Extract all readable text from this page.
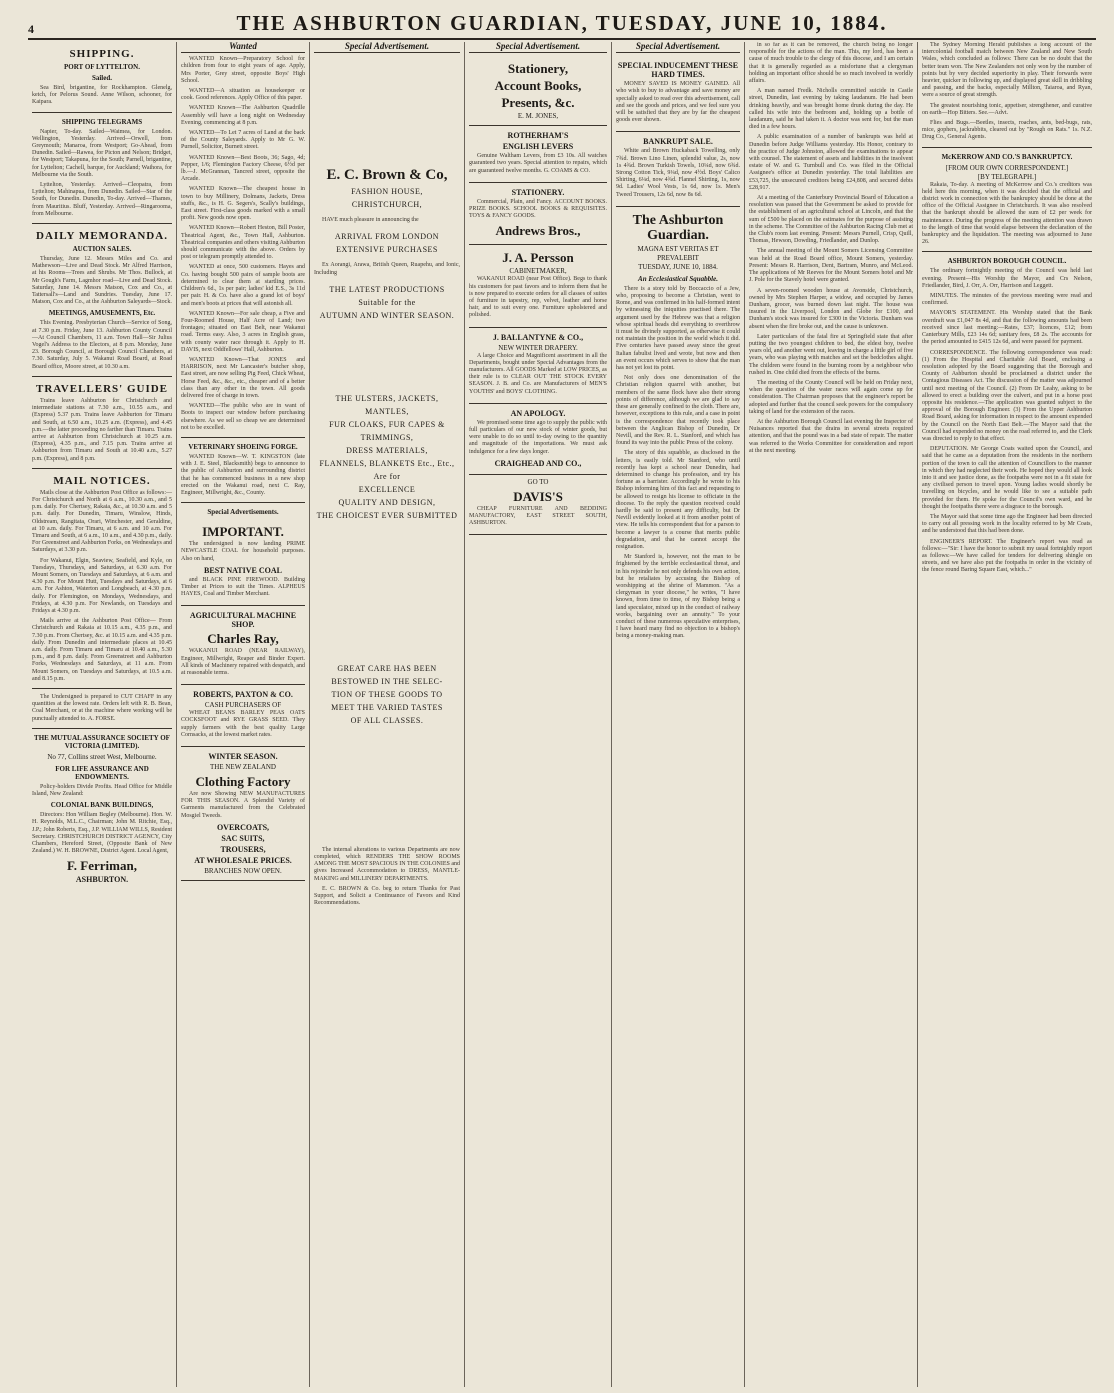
4	THE ASHBURTON GUARDIAN, TUESDAY, JUNE 10, 1884.
SHIPPING.
PORT OF LYTTELTON.
Sailed.

Sea Bird, brigantine, for Rockhampton. Glenelg, ketch, for Pelorus Sound. Anne Wilson, schooner, for Kaipara.

SHIPPING TELEGRAMS

Napier, To-day. Sailed—Waimea, for London. Wellington, Yesterday. Arrived—Orwell, from Greymouth; Manaroa, from Westport; Go-Ahead, from Dunedin. Sailed—Rawea, for Picton and Nelson; Bridget, for Westport; Takapuna, for the South; Parnell, brigantine, for Lyttelton; Cachell, barque, for Auckland; Waihora, for Melbourne via the South.

Lyttelton, Yesterday. Arrived—Cleopatra, from Lyttelton; Mahinapua, from Dunedin. Sailed—Star of the South, for Dunedin. Dunedin, To-day. Arrived—Thames, from Mauritius. Bluff, Yesterday. Arrived—Ringarooma, from Melbourne.

DAILY MEMORANDA.
AUCTION SALES.

Thursday, June 12. Messrs Miles and Co. and Mathewson—Live and Dead Stock. Mr Alfred Harrison, at his Rooms—Trees and Shrubs. Mr Thos. Bullock, at Mr Gough's Farm, Lagmhor road—Live and Dead Stock. Saturday, June 14. Messrs Matson, Cox and Co., at Tattersall's—Land and Sundries. Tuesday, June 17. Matson, Cox and Co., at the Ashburton Saleyards—Stock.

MEETINGS, AMUSEMENTS, Etc.

This Evening. Presbyterian Church—Service of Song, at 7.30 p.m. Friday, June 13. Ashburton County Council—At Council Chambers, 11 a.m. Town Hall—Sir Julius Vogel's Address to the Electors, at 8 p.m. Monday, June 23. Borough Council, at Borough Council Chambers, at 7.30. Saturday, July 5. Wakanui Road Board, at Road Board office, Moore street, at 10.30 a.m.

TRAVELLERS' GUIDE

Trains leave Ashburton for Christchurch and intermediate stations at 7.30 a.m., 10.55 a.m., and (Express) 5.37 p.m. Trains leave Ashburton for Timaru and South, at 6.50 a.m., 10.25 a.m. (Express), and 4.45 p.m.—the latter proceeding no farther than Timaru. Trains arrive at Ashburton from Christchurch at 10.25 a.m. (Express), 4.35 p.m., and 7.15 p.m. Trains arrive at Ashburton from Timaru and South at 10.40 a.m., 5.27 p.m. (Express), and 8 p.m.

MAIL NOTICES.

Mails close at the Ashburton Post Office as follows:— For Christchurch and North at 6 a.m., 10.30 a.m., and 5 p.m. daily. For Chertsey, Rakaia, &c., at 10.30 a.m. and 5 p.m. daily. For Dunedin, Timaru, Winslow, Hinds, Oldstream, Rangitata, Orari, Winchester, and Geraldine, at 10 a.m. daily. For Timaru, at 6 a.m. and 10 a.m. For Timaru and South, at 6 a.m., 10 a.m., and 4.30 p.m., daily. For Greenstreet and Ashburton Forks, on Wednesdays and Saturdays, at 3.30 p.m.

For Wakanui, Elgin, Seaview, Seafield, and Kyle, on Tuesdays, Thursdays, and Saturdays, at 6.30 a.m. For Mount Somers, on Tuesdays and Saturdays, at 6 a.m. and 4.30 p.m. For Mount Hutt, Tuesdays and Saturdays, at 6 a.m. For Ashton, Waterton and Longbeach, at 4.30 p.m. daily. For Flemington, on Mondays, Wednesdays, and Fridays, at 4.30 p.m. For Newlands, on Tuesdays and Fridays at 4.30 p.m.

Mails arrive at the Ashburton Post Office— From Christchurch and Rakaia at 10.15 a.m., 4.35 p.m., and 7.30 p.m. From Chertsey, &c. at 10.15 a.m. and 4.35 p.m. daily. From Dunedin and intermediate places at 10.45 a.m. daily. From Timaru and Timaru at 10.40 a.m., 5.30 p.m., and 8 p.m. daily. From Greenstreet and Ashburton Forks, Wednesdays and Saturdays, at 11 a.m. From Mount Somers, on Tuesdays and Saturdays, at 10.5 a.m. and 8.15 p.m.

The Undersigned is prepared to CUT CHAFF in any quantities at the lowest rate. Orders left with R. B. Bean, Coal Merchant, or at the machine where working will be punctually attended to. A. FORSE.

THE MUTUAL ASSURANCE SOCIETY OF VICTORIA (LIMITED).
No 77, Collins street West, Melbourne.
FOR LIFE ASSURANCE AND ENDOWMENTS.

Policy-holders Divide Profits. Head Office for Middle Island, New Zealand:

COLONIAL BANK BUILDINGS,

Directors: Hon William Begley (Melbourne). Hon. W. H. Reynolds, M.L.C., Chairman; John M. Ritchie, Esq., J.P.; John Roberts, Esq., J.P. WILLIAM WILLS, Resident Secretary. CHRISTCHURCH DISTRICT AGENCY, City Chambers, Hereford Street, (Opposite Bank of New Zealand.) W. H. BROWNE, District Agent. Local Agent,

F. Ferriman,
ASHBURTON.
Wanted

WANTED Known—Preparatory School for children from four to eight years of age. Apply, Mrs Porter, Grey street, opposite Boys' High School.

WANTED—A situation as housekeeper or cook. Good references. Apply Office of this paper.

WANTED Known—The Ashburton Quadrille Assembly will have a long night on Wednesday Evening, commencing at 8 p.m.

WANTED—To Let 7 acres of Land at the back of the County Saleyards. Apply to Mr G. W. Purnell, Solicitor, Burnett street.

WANTED Known—Best Boots, 36; Sago, 4d; Pepper, 1/6; Flemington Factory Cheese, 6½d per lb.—J. McGrannan, Tancred street, opposite the Arcade.

WANTED Known—The cheapest house in town to buy Millinery, Dolmans, Jackets, Dress stuffs, &c., is H. G. Segers's, Scally's buildings, East street. First-class goods marked with a small profit. New goods now open.

WANTED Known—Robert Heston, Bill Poster, Theatrical Agent, &c., Town Hall, Ashburton. Theatrical companies and others visiting Ashburton should communicate with the above. Orders by post or telegram promptly attended to.

WANTED at once, 500 customers. Hayes and Co. having bought 500 pairs of sample boots are determined to clear them at startling prices. Children's 6d., 1s per pair; ladies' kid E.S., 3s 11d per pair. H. & Co. have also a grand lot of boys' and men's boots at prices that will astonish all.

WANTED Known—For sale cheap, a Five and Four-Roomed House, Half Acre of Land; two frontages; situated on East Belt, near Wakanui road. Terms easy. Also, 3 acres in English grass, with county water race through it. Apply to H. DAVIS, next Oddfellows' Hall, Ashburton.

WANTED Known—That JONES and HARRISON, next Mr Lancaster's butcher shop, East street, are now selling Pig Feed, Chick Wheat, Horse Feed, &c., &c., etc., cheaper and of a better class than any other in the town. All goods delivered free of charge in town.

WANTED—The public who are in want of Boots to inspect our window before purchasing elsewhere. As we sell so cheap we are determined not to be excelled.

VETERINARY SHOEING FORGE.

WANTED Known—W. T. KINGSTON (late with J. E. Steel, Blacksmith) begs to announce to the public of Ashburton and surrounding district that he has commenced business in a new shop erected on the Wakanui road, next C. Ray, Engineer, Millwright, &c., County.

Special Advertisements.
IMPORTANT.

The undersigned is now landing PRIME NEWCASTLE COAL for household purposes. Also on hand,

BEST NATIVE COAL

and BLACK PINE FIREWOOD. Building Timber at Prices to suit the Times. ALPHEUS HAYES, Coal and Timber Merchant.

AGRICULTURAL MACHINE SHOP.
Charles Ray,

WAKANUI ROAD (NEAR RAILWAY), Engineer, Millwright, Reaper and Binder Expert. All kinds of Machinery repaired with despatch, and at reasonable terms.

ROBERTS, PAXTON & CO.
CASH PURCHASERS OF

WHEAT BEANS BARLEY PEAS OATS COCKSFOOT and RYE GRASS SEED. They supply farmers with the best quality Large Cornsacks, at the lowest market rates.

WINTER SEASON.
THE NEW ZEALAND
Clothing Factory

Are now Showing NEW MANUFACTURES FOR THIS SEASON. A Splendid Variety of Garments manufactured from the Celebrated Mosgiel Tweeds.

OVERCOATS,
SAC SUITS,
TROUSERS,
AT WHOLESALE PRICES.
BRANCHES NOW OPEN.
Special Advertisement.
E. C. Brown & Co,
FASHION HOUSE,
CHRISTCHURCH,

HAVE much pleasure in announcing the

ARRIVAL FROM LONDON
EXTENSIVE PURCHASES

Ex Aorangi, Arawa, British Queen, Ruapehu, and Ionic, Including

THE LATEST PRODUCTIONS
Suitable for the
AUTUMN AND WINTER SEASON.
THE ULSTERS, JACKETS, MANTLES,
FUR CLOAKS, FUR CAPES &
TRIMMINGS,
DRESS MATERIALS,
FLANNELS, BLANKETS Etc., Etc.,
Are for
EXCELLENCE
QUALITY AND DESIGN,
THE CHOICEST EVER SUBMITTED
GREAT CARE HAS BEEN
BESTOWED IN THE SELEC-
TION OF THESE GOODS TO
MEET THE VARIED TASTES
OF ALL CLASSES.

The internal alterations to various Departments are now completed, which RENDERS THE SHOW ROOMS AMONG THE MOST SPACIOUS IN THE COLONIES and gives Increased Accommodation to DRESS, MANTLE-MAKING and MILLINERY DEPARTMENTS.

E. C. BROWN & Co. beg to return Thanks for Past Support, and Solicit a Continuance of Favors and Kind Recommendations.

Special Advertisement.
Stationery,
Account Books,
Presents, &c.
E. M. JONES,
ROTHERHAM'S
ENGLISH LEVERS

Genuine Waltham Levers, from £3 10s. All watches guaranteed two years. Special attention to repairs, which are guaranteed twelve months. G. COAMS & CO.

STATIONERY.

Commercial, Plain, and Fancy. ACCOUNT BOOKS. PRIZE BOOKS. SCHOOL BOOKS & REQUISITES. TOYS & FANCY GOODS.

Andrews Bros.,
J. A. Persson
CABINETMAKER,

WAKANUI ROAD (near Post Office). Begs to thank his customers for past favors and to inform them that he is now prepared to execute orders for all classes of suites of furniture in tapestry, rep, velvet, leather and horse hair, and to suit every one. Furniture upholstered and polished.

J. BALLANTYNE & CO.,
NEW WINTER DRAPERY.

A large Choice and Magnificent assortment in all the Departments, bought under Special Advantages from the manufacturers. All GOODS Marked at LOW PRICES, as their rule is to CLEAR OUT THE STOCK EVERY SEASON. J. B. and Co. are Manufacturers of MEN'S YOUTHS' and BOYS' CLOTHING.

AN APOLOGY.

We promised some time ago to supply the public with full particulars of our new stock of winter goods, but were unable to do so until to-day owing to the quantity and magnitude of the importations. We must ask indulgence for a few days longer.

CRAIGHEAD AND CO.,
GO TO
DAVIS'S

CHEAP FURNITURE AND BEDDING MANUFACTORY, EAST STREET SOUTH, ASHBURTON.

Special Advertisement.
SPECIAL INDUCEMENT THESE HARD TIMES.

MONEY SAVED IS MONEY GAINED. All who wish to buy to advantage and save money are specially asked to read over this advertisement, call and see the goods and prices, and we feel sure you will be satisfied that they are by far the cheapest goods ever shown.

BANKRUPT SALE.

White and Brown Huckaback Towelling, only 7¾d. Brown Lino Linen, splendid value, 2s, now 1s 4¾d. Brown Turkish Towels, 10¼d, now 6¾d. Strong Cotton Tick, 9¼d, now 4½d. Boys' Calico Shirting, 6¼d, now 4¾d. Flannel Shirting, 1s, now 9d. Ladies' Wool Vests, 1s 6d, now 1s. Men's Tweed Trousers, 12s 6d, now 8s 6d.

The Ashburton Guardian.
MAGNA EST VERITAS ET PREVALEBIT
TUESDAY, JUNE 10, 1884.
An Ecclesiastical Squabble.

There is a story told by Boccaccio of a Jew, who, proposing to become a Christian, went to Rome, and was confirmed in his half-formed intent by witnessing the iniquities practised there. The argument used by the Hebrew was that a religion whose spiritual heads did everything to overthrow it must be divinely supported, as otherwise it could not maintain the position in the world which it did. Five centuries have passed away since the great Italian fabulist lived and wrote, but now and then an event occurs which serves to show that the man has not yet lost its point.

Not only does one denomination of the Christian religion quarrel with another, but members of the same flock have also their strong points of difference, although we are glad to say these are generally confined to the cloth. There are, however, exceptions to this rule, and a case in point is the correspondence that recently took place between the Anglican Bishop of Dunedin, Dr Nevill, and the Rev. R. L. Stanford, and which has found its way into the public Press of the colony.

The story of this squabble, as disclosed in the letters, is easily told. Mr Stanford, who until recently has kept a school near Dunedin, had determined to change his profession, and try his fortune as a barrister. Accordingly he wrote to his Bishop informing him of this fact and requesting to be allowed to resign his license to officiate in the diocese. To the reply the question received could hardly be said to present any difficulty, but Dr Nevill evidently looked at it from another point of view. He tells his correspondent that for a parson to become a lawyer is a course that merits public degradation, and that he cannot accept the resignation.

Mr Stanford is, however, not the man to be frightened by the terrible ecclesiastical threat, and in his rejoinder he not only defends his own action, but he retaliates by accusing the Bishop of worshipping at the shrine of Mammon. "As a clergyman in your diocese," he writes, "I have known, from time to time, of my Bishop being a land speculator, mixed up in the conduct of railway works, bargaining over an annuity." To your conduct of these numerous speculative enterprises, I have heard many find no objection to a bishop's being a money-making man.

in so far as it can be removed, the church being no longer responsible for the actions of the man. This, my lord, has been a cause of much trouble to the clergy of this diocese, and I am certain that it is generally regarded as a misfortune that a clergyman holding an important office should be so much involved in worldly affairs.

A man named Fredk. Nicholls committed suicide in Castle street, Dunedin, last evening by taking laudanum. He had been drinking heavily, and was brought home drunk during the day. He called his wife into the bedroom and, holding up a bottle of laudanum, said he had taken it. A doctor was sent for, but the man died in a few hours.

A public examination of a number of bankrupts was held at Dunedin before Judge Williams yesterday. His Honor, contrary to the practice of Judge Johnston, allowed the examinations to appear with counsel. The statement of assets and liabilities in the insolvent estate of W. and G. Turnbull and Co. was filed in the Official Assignee's office at Dunedin yesterday. The total liabilities are £53,725, the unsecured creditors being £24,808, and secured debts £28,917.

At a meeting of the Canterbury Provincial Board of Education a resolution was passed that the Government be asked to provide for the establishment of an agricultural school at Lincoln, and that the sum of £500 be placed on the estimates for the purpose of assisting in the scheme. The Committee of the Ashburton Racing Club met at the Club's room last evening. Present: Messrs Purnell, Crisp, Quill, Thomas, Hewson, Dowding, Friedlander, and Dunlop.

The annual meeting of the Mount Somers Licensing Committee was held at the Road Board office, Mount Somers, yesterday. Present: Messrs R. Harrison, Dent, Bartram, Munro, and McLeod. The applications of Mr Reeves for the Mount Somers hotel and Mr J. Pole for the Stavely hotel were granted.

A seven-roomed wooden house at Avonside, Christchurch, owned by Mrs Stephen Harper, a widow, and occupied by James Dunham, grocer, was burned down last night. The house was insured in the Liverpool, London and Globe for £100, and Dunham's stock was insured for £300 in the Victoria. Dunham was absent when the fire broke out, and the cause is unknown.

Later particulars of the fatal fire at Springfield state that after putting the two youngest children to bed, the eldest boy, twelve years old, and another went out, leaving in charge a little girl of five years, who was playing with matches and set the bedclothes alight. The children were found in the burning room by a neighbour who rushed in. One child died from the effects of the burns.

The meeting of the County Council will be held on Friday next, when the question of the water races will again come up for consideration. The Chairman proposes that the engineer's report be adopted and further that the council seek powers for the compulsory taking of land for the extension of the races.

At the Ashburton Borough Council last evening the Inspector of Nuisances reported that the drains in several streets required attention, and that the pound was in a bad state of repair. The matter was referred to the Works Committee for consideration and report at the next meeting.

The Sydney Morning Herald publishes a long account of the intercolonial football match between New Zealand and New South Wales, which concluded as follows: There can be no doubt that the better team won. The New Zealanders not only won by the number of points but by very decided superiority in play. Their forwards were heavier, quicker in following up, and displayed great skill in dribbling and passing, and the backs, especially Millton, Taiaroa, and Ryan, were a source of great strength.

The greatest nourishing tonic, appetiser, strengthener, and curative on earth—Hop Bitters. See.—Advt.

Flies and Bugs.—Beetles, insects, roaches, ants, bed-bugs, rats, mice, gophers, jackrabbits, cleared out by "Rough on Rats." 1s. N.Z. Drug Co., General Agents.

McKERROW AND CO.'S BANKRUPTCY.
[FROM OUR OWN CORRESPONDENT.]
[BY TELEGRAPH.]

Rakaia, To-day. A meeting of McKerrow and Co.'s creditors was held here this morning, when it was decided that the official and district work in connection with the bankruptcy should be done at the office of the Official Assignee in Christchurch. It was also resolved that the bankrupt should be allowed the sum of £2 per week for maintenance. During the progress of the meeting attention was drawn to the length of time that would elapse between the declaration of the bankruptcy and the liquidation. The meeting was adjourned to June 26.

ASHBURTON BOROUGH COUNCIL.

The ordinary fortnightly meeting of the Council was held last evening. Present—His Worship the Mayor, and Crs Nelson, Friedlander, Bird, J. Orr, A. Orr, Harrison and Leggett.

MINUTES. The minutes of the previous meeting were read and confirmed.

MAYOR'S STATEMENT. His Worship stated that the Bank overdraft was £1,047 8s 4d, and that the following amounts had been received since last meeting:—Rates, £37; licences, £12; from Canterbury Mills, £23 14s 6d; sanitary fees, £8 2s. The accounts for the period amounted to £415 12s 6d, and were passed for payment.

CORRESPONDENCE. The following correspondence was read: (1) From the Hospital and Charitable Aid Board, enclosing a resolution adopted by the Board suggesting that the Borough and County of Ashburton should be proclaimed a district under the Contagious Diseases Act. The discussion of the matter was adjourned until next meeting of the Council. (2) From Dr Leahy, asking to be allowed to erect a building over the culvert, and put in a horse post opposite his residence.—The application was granted subject to the approval of the Borough Engineer. (3) From the Upper Ashburton Road Board, asking for information in respect to the amount expended by the Council on the North East Belt.—The Mayor said that the Council had expended no money on the road referred to, and the Clerk was directed to reply to that effect.

DEPUTATION. Mr George Coats waited upon the Council, and said that he came as a deputation from the residents in the northern portion of the town to call the attention of Councillors to the manner in which they had neglected their work. He hoped they would all look into it and see justice done, as the footpaths were not in a fit state for any civilised person to travel upon. Young ladies would shortly be travelling on bicycles, and he would like to see a suitable path provided for them. He spoke for the Council's own ward, and he thought the footpaths there were a disgrace to the borough.

The Mayor said that some time ago the Engineer had been directed to carry out all pressing work in the locality referred to by Mr Coats, and he understood that this had been done.

ENGINEER'S REPORT. The Engineer's report was read as follows:—"Sir: I have the honor to submit my usual fortnightly report as follows:—We have called for tenders for delivering shingle on streets, and we have also put the footpaths in order in the vicinity of the fence round Baring Square East, which..."
